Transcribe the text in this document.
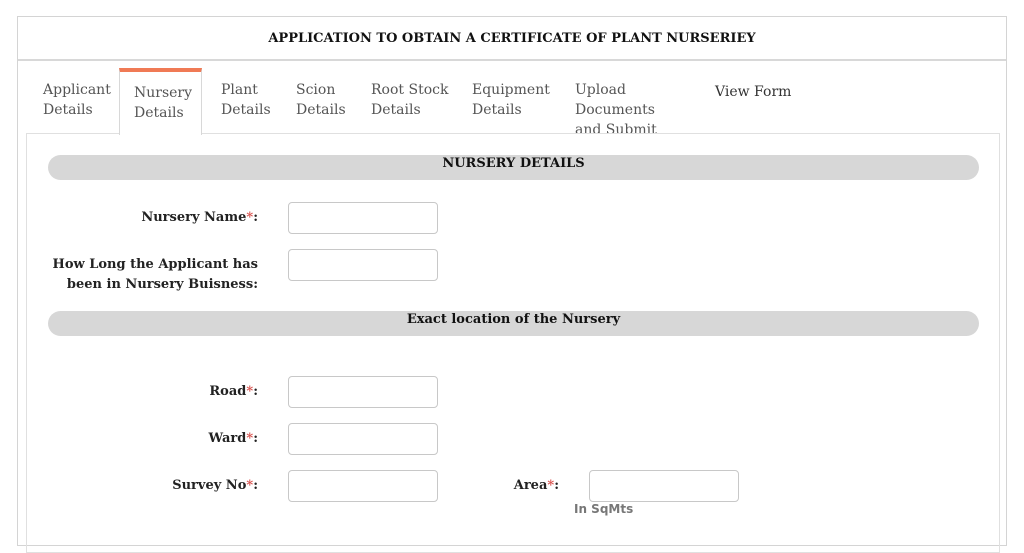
APPLICATION TO OBTAIN A CERTIFICATE OF PLANT NURSERIEY
Applicant
Details
Nursery
Details
Plant
Details
Scion
Details
Root Stock
Details
Equipment
Details
Upload Documents
and Submit
View Form
NURSERY DETAILS
Nursery Name*:
How Long the Applicant has
been in Nursery Buisness:
Exact location of the Nursery
Road*:
Ward*:
Survey No*:	Area*:
In SqMts
